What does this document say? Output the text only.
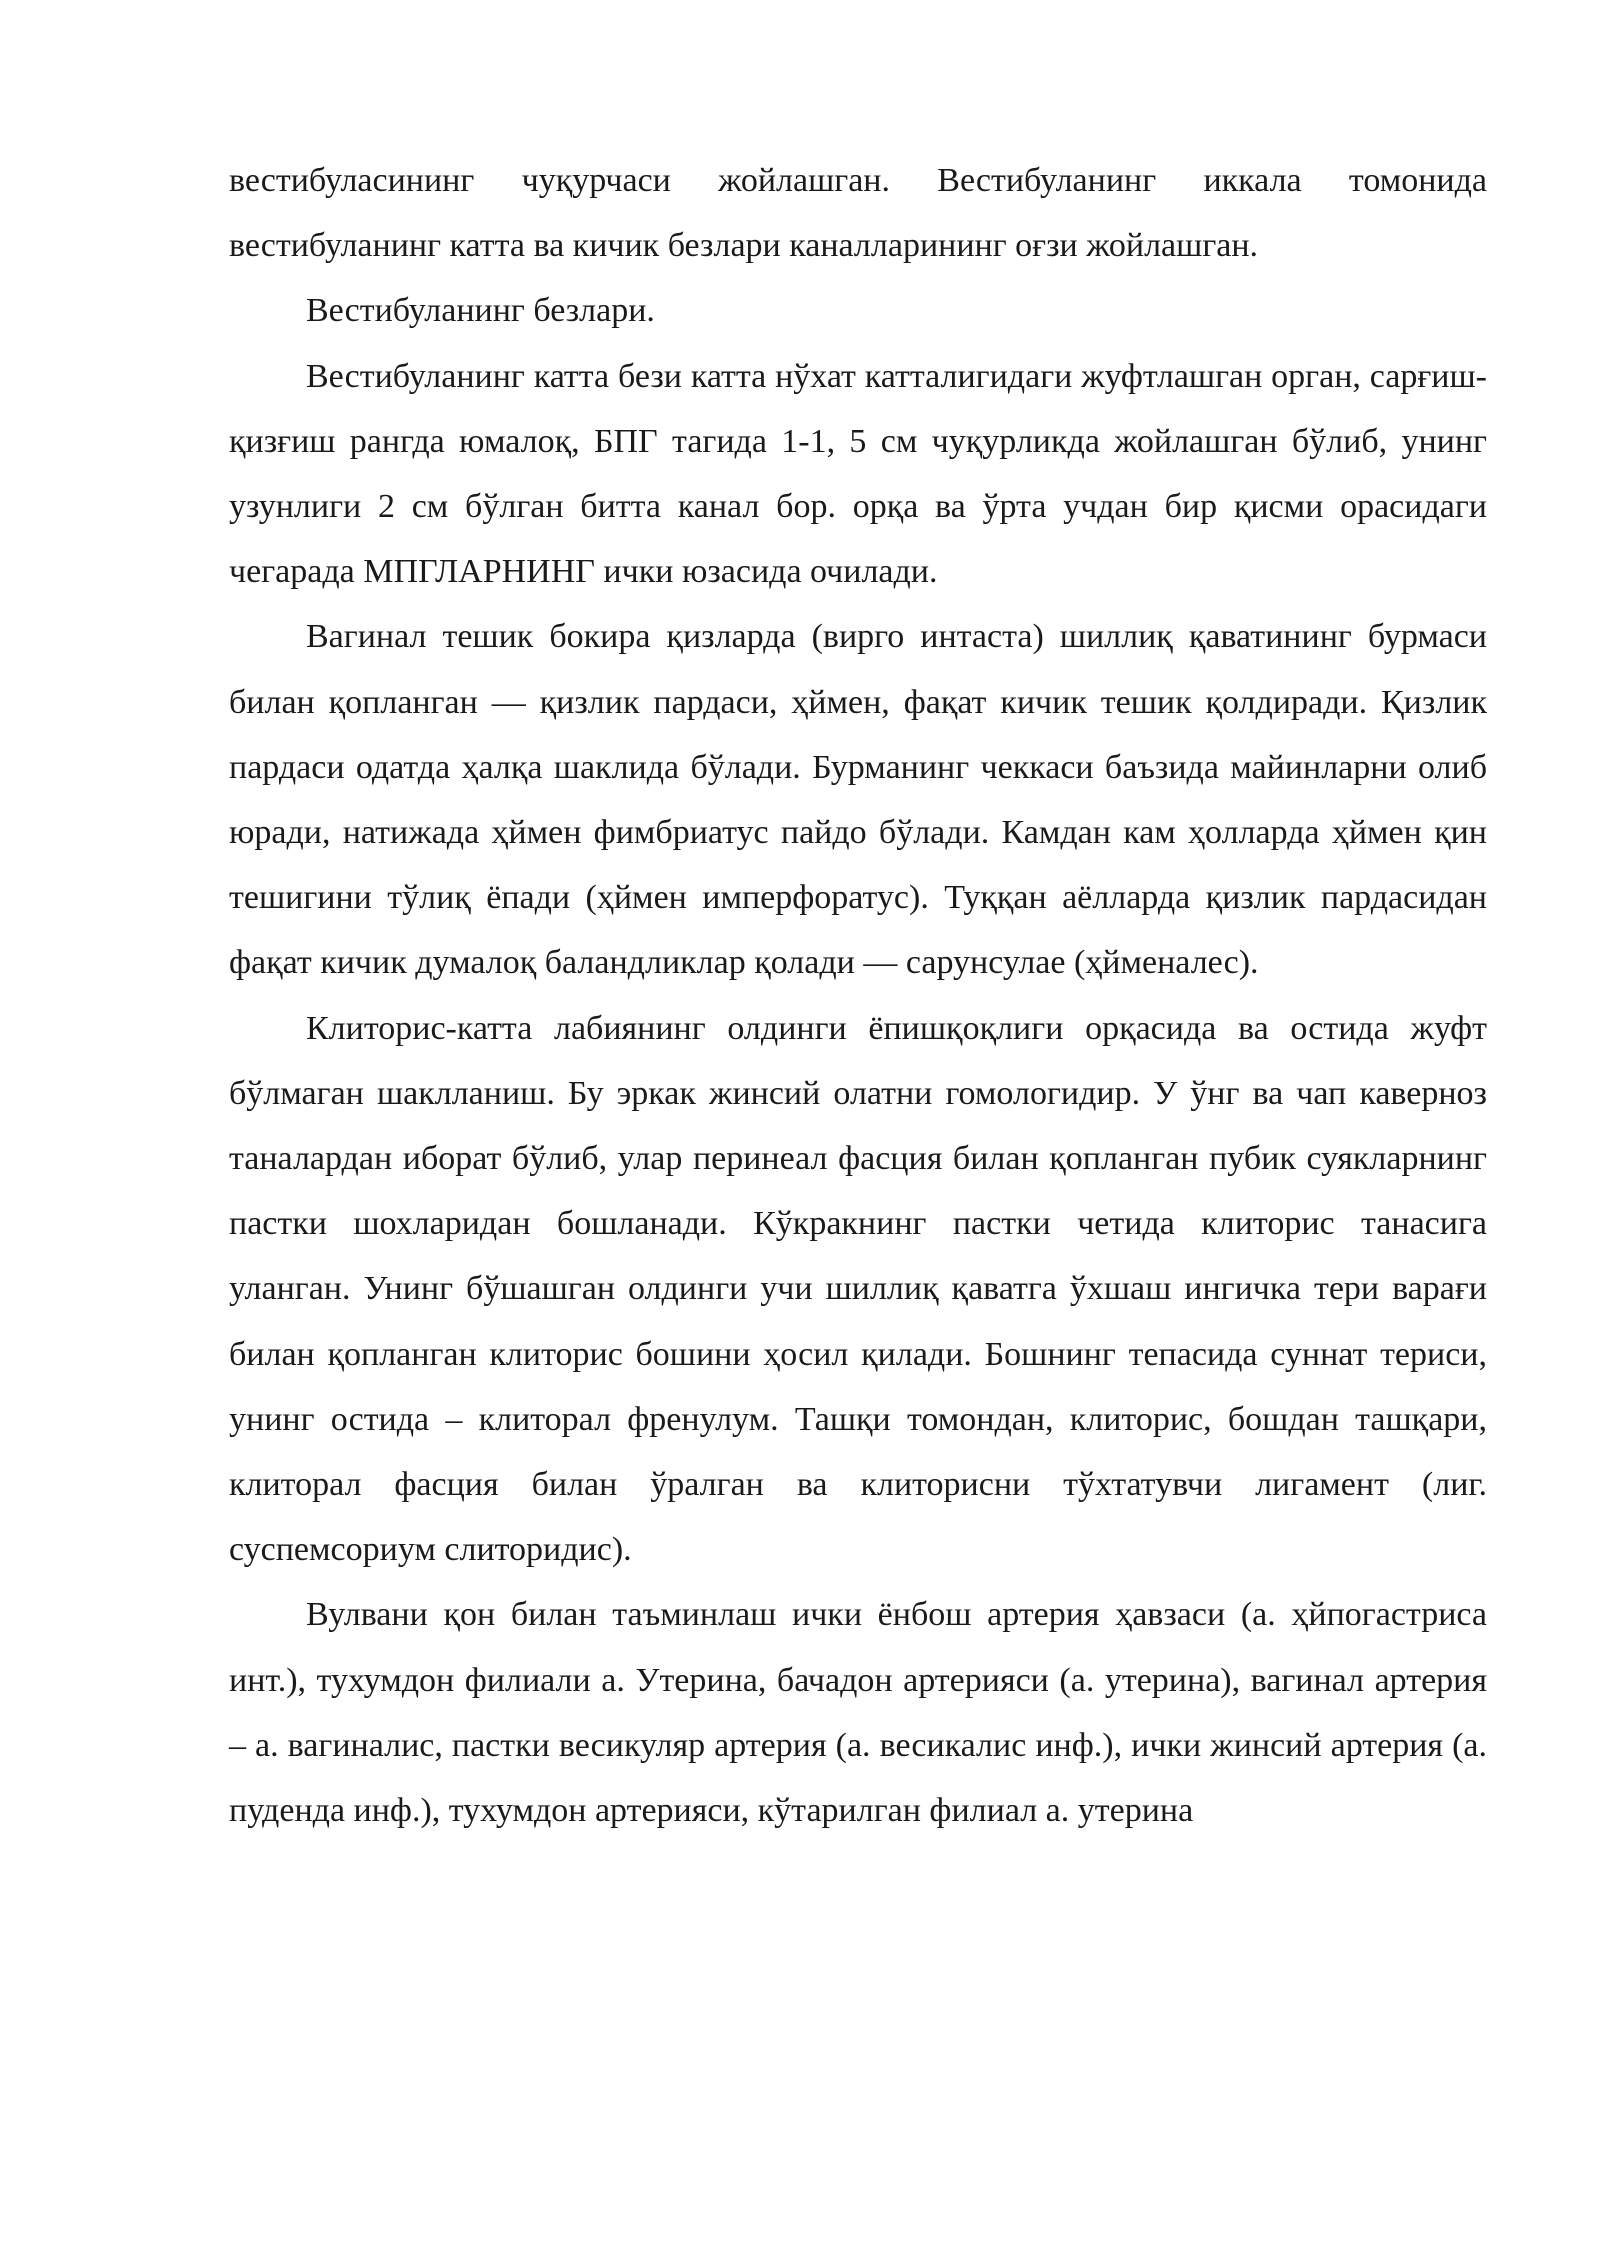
вестибуласининг чуқурчаси жойлашган. Вестибуланинг иккала томонида вестибуланинг катта ва кичик безлари каналларининг оғзи жойлашган.

Вестибуланинг безлари.

Вестибуланинг катта бези катта нўхат катталигидаги жуфтлашган орган, сарғиш-қизғиш рангда юмалоқ, БПГ тагида 1-1, 5 см чуқурликда жойлашган бўлиб, унинг узунлиги 2 см бўлган битта канал бор. орқа ва ўрта учдан бир қисми орасидаги чегарада МПГЛАРНИНГ ички юзасида очилади.

Вагинал тешик бокира қизларда (вирго интаста) шиллиқ қаватининг бурмаси билан қопланган — қизлик пардаси, ҳймен, фақат кичик тешик қолдиради. Қизлик пардаси одатда ҳалқа шаклида бўлади. Бурманинг чеккаси баъзида майинларни олиб юради, натижада ҳймен фимбриатус пайдо бўлади. Камдан кам ҳолларда ҳймен қин тешигини тўлиқ ёпади (ҳймен имперфоратус). Туққан аёлларда қизлик пардасидан фақат кичик думалоқ баландликлар қолади — сарунсулае (ҳйменалес).

Клиторис-катта лабиянинг олдинги ёпишқоқлиги орқасида ва остида жуфт бўлмаган шаклланиш. Бу эркак жинсий олатни гомологидир. У ўнг ва чап каверноз таналардан иборат бўлиб, улар перинеал фасция билан қопланган пубик суякларнинг пастки шохларидан бошланади. Кўкракнинг пастки четида клиторис танасига уланган. Унинг бўшашган олдинги учи шиллиқ қаватга ўхшаш ингичка тери варағи билан қопланган клиторис бошини ҳосил қилади. Бошнинг тепасида суннат териси, унинг остида – клиторал френулум. Ташқи томондан, клиторис, бошдан ташқари, клиторал фасция билан ўралган ва клиторисни тўхтатувчи лигамент (лиг. суспемсориум слиторидис).

Вулвани қон билан таъминлаш ички ёнбош артерия ҳавзаси (а. ҳйпогастриса инт.), тухумдон филиали а. Утерина, бачадон артерияси (а. утерина), вагинал артерия – а. вагиналис, пастки весикуляр артерия (а. весикалис инф.), ички жинсий артерия (а. пуденда инф.), тухумдон артерияси, кўтарилган филиал а. утерина
